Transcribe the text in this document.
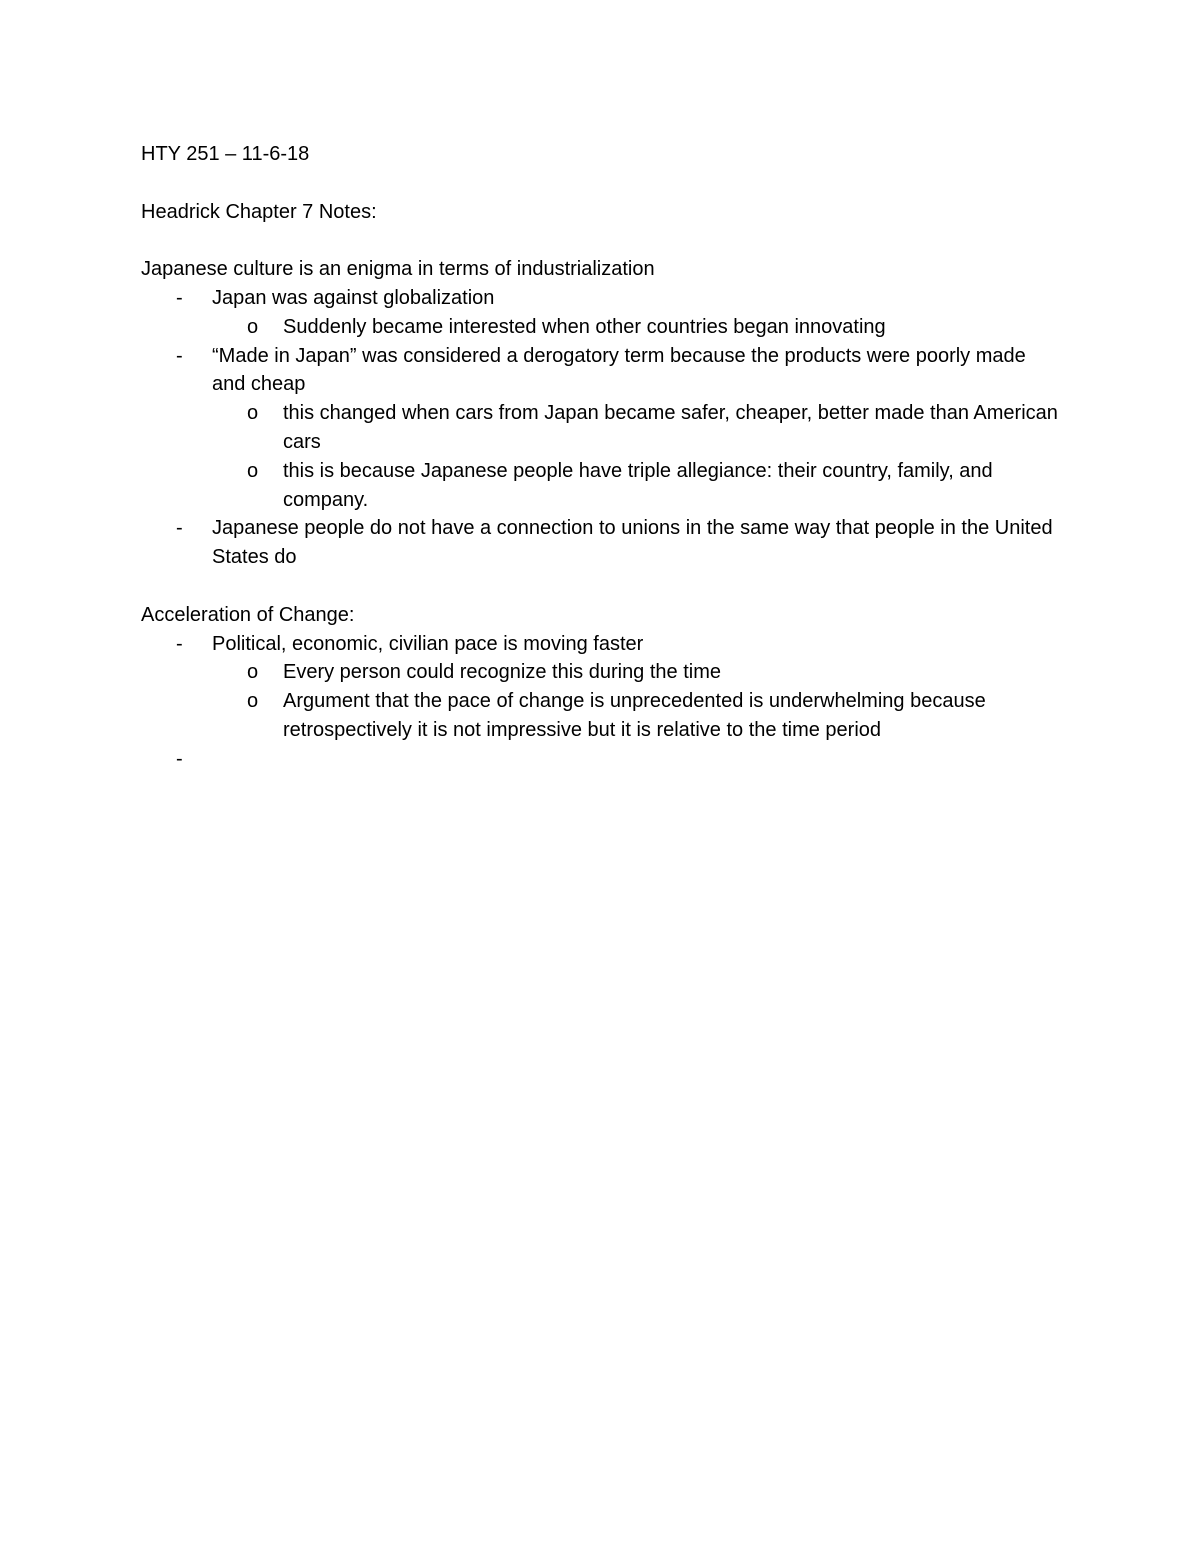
HTY 251 – 11-6-18

Headrick Chapter 7 Notes:

Japanese culture is an enigma in terms of industrialization

-	Japan was against globalization
o	Suddenly became interested when other countries began innovating
-	“Made in Japan” was considered a derogatory term because the products were poorly made and cheap
o	this changed when cars from Japan became safer, cheaper, better made than American cars
o	this is because Japanese people have triple allegiance: their country, family, and company.
-	Japanese people do not have a connection to unions in the same way that people in the United States do

Acceleration of Change:

-	Political, economic, civilian pace is moving faster
o	Every person could recognize this during the time
o	Argument that the pace of change is unprecedented is underwhelming because retrospectively it is not impressive but it is relative to the time period
-
